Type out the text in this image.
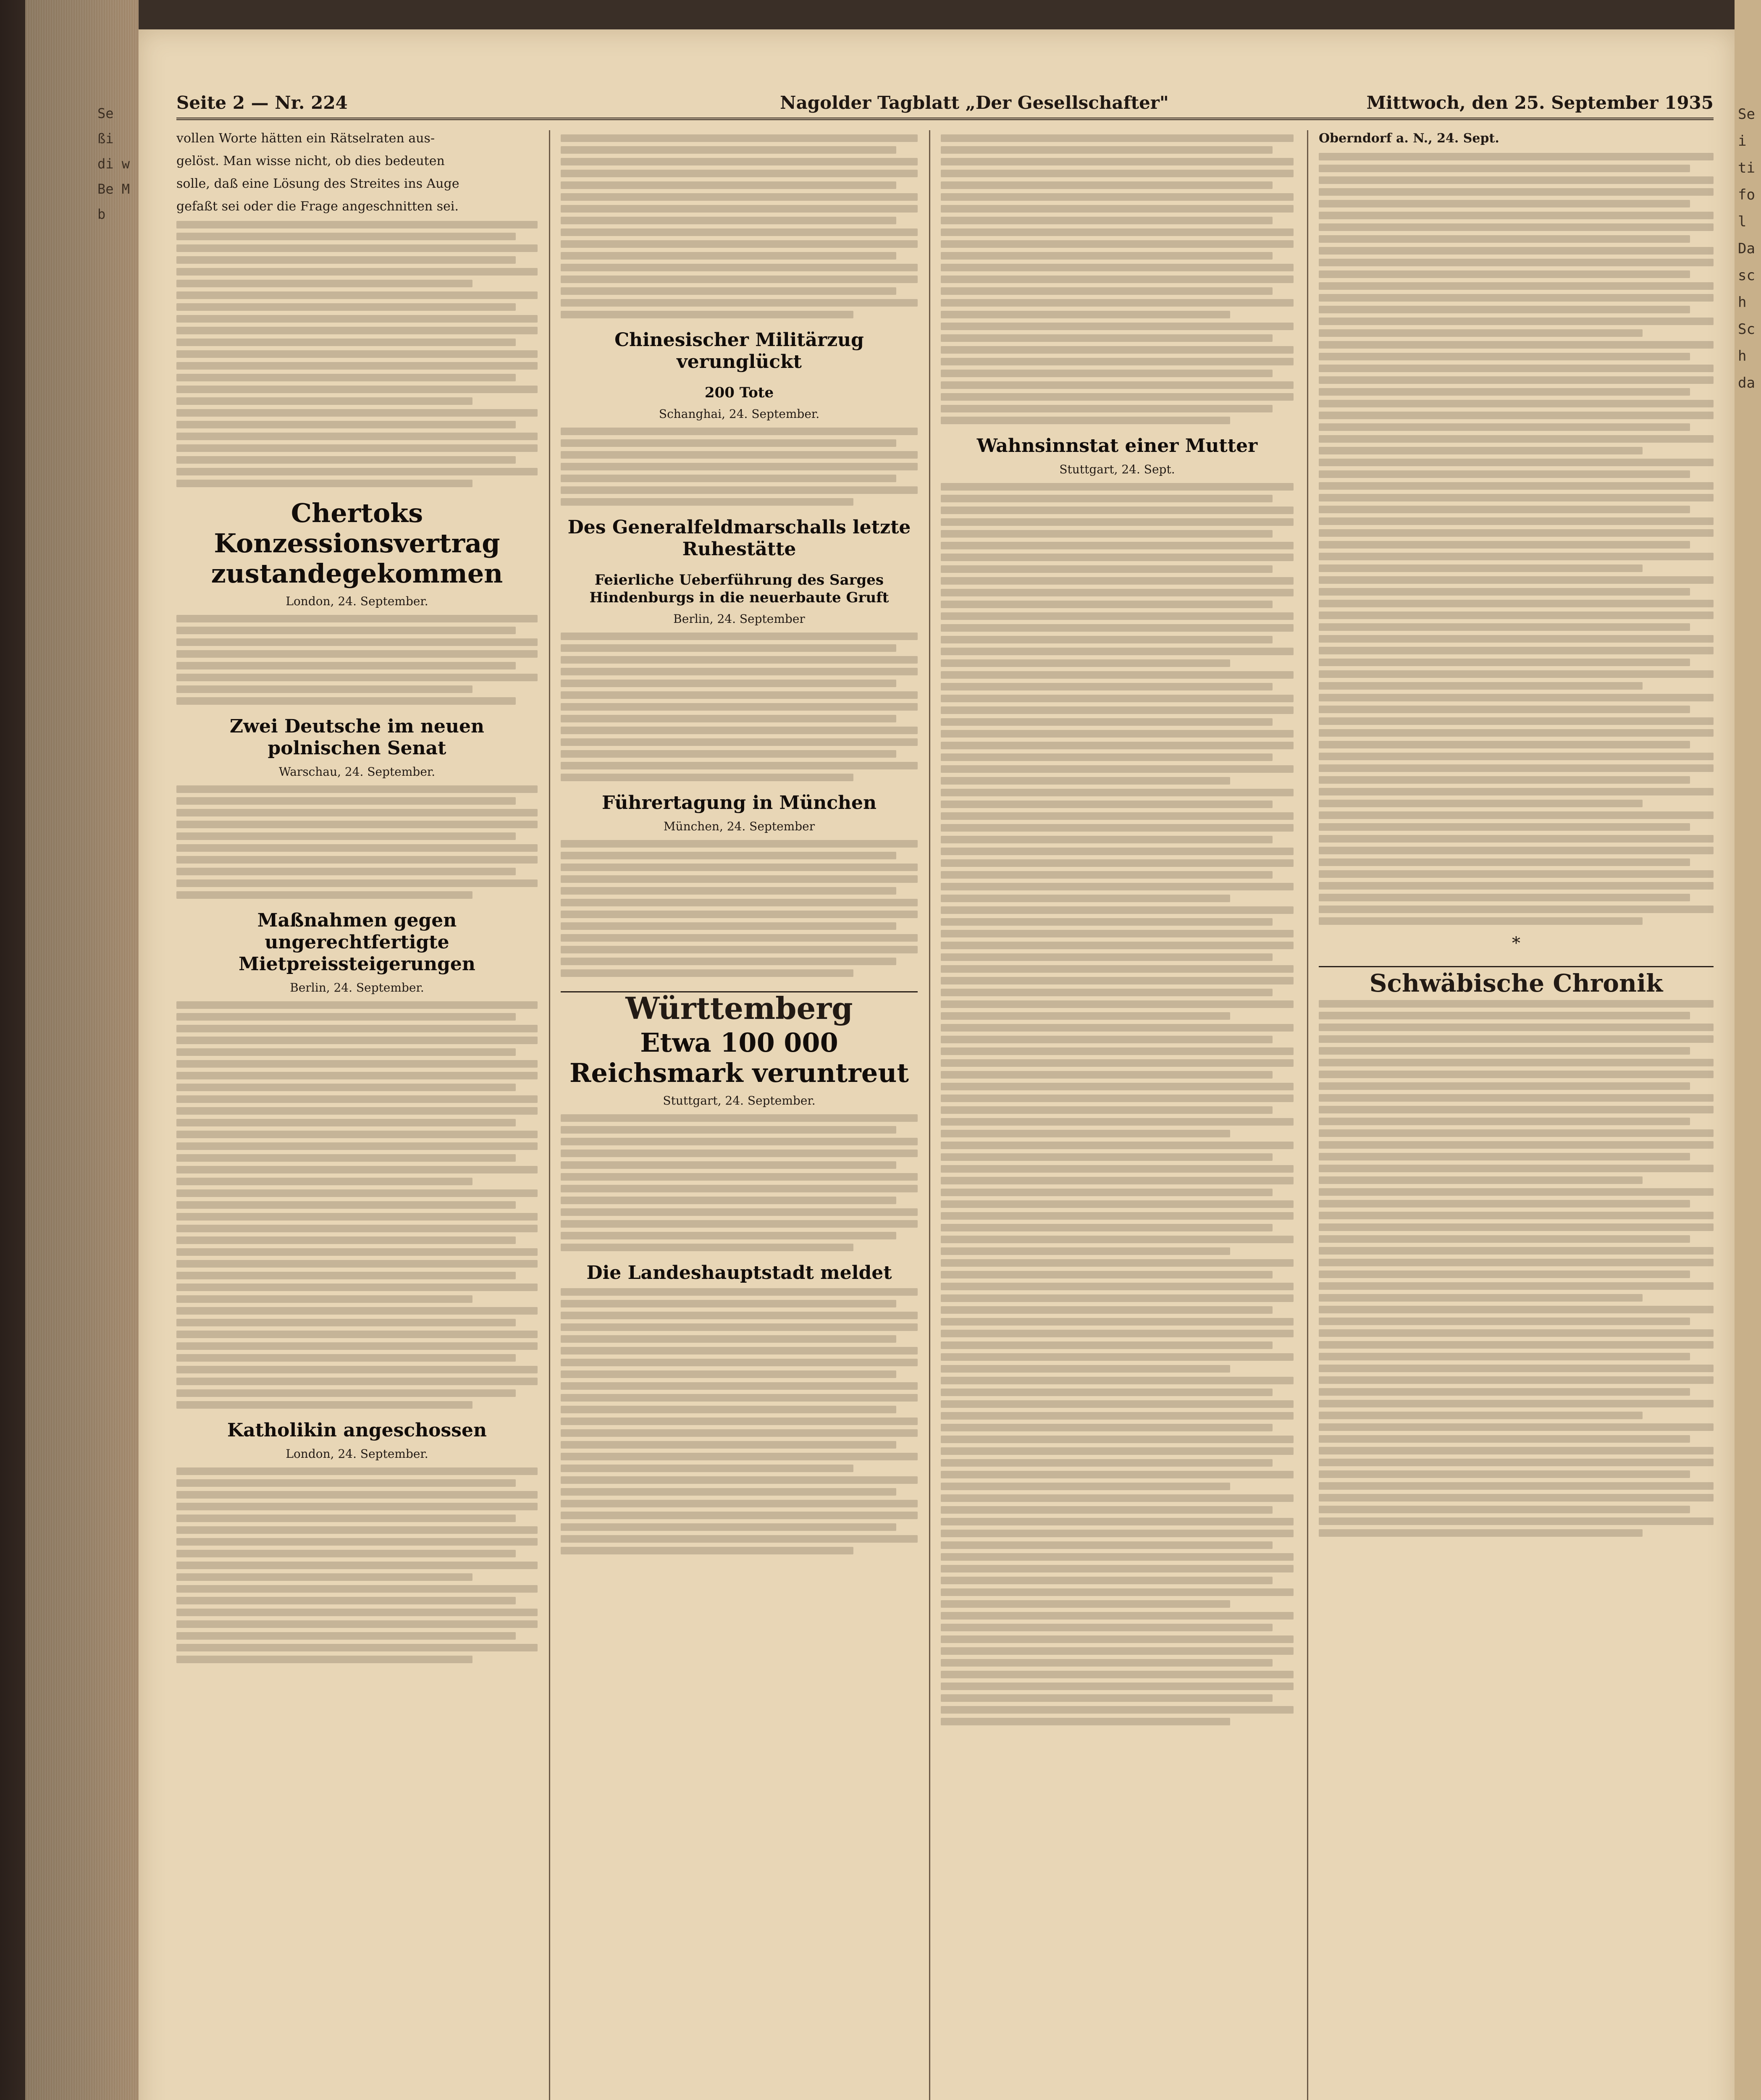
Se ßi di w Be M b
Sei ti fol Da sch Sch da
Seite 2 — Nr. 224	Nagolder Tagblatt „Der Gesellschafter"	Mittwoch, den 25. September 1935

vollen Worte hätten ein Rätselraten aus-

gelöst. Man wisse nicht, ob dies bedeuten

solle, daß eine Lösung des Streites ins Auge

gefaßt sei oder die Frage angeschnitten sei.

Chertoks Konzessionsvertrag zustandegekommen
London, 24. September.
Zwei Deutsche im neuen polnischen Senat
Warschau, 24. September.
Maßnahmen gegen ungerechtfertigte Mietpreissteigerungen
Berlin, 24. September.
Katholikin angeschossen
London, 24. September.
Chinesischer Militärzug verunglückt
200 Tote
Schanghai, 24. September.
Des Generalfeldmarschalls letzte Ruhestätte
Feierliche Ueberführung des Sarges Hindenburgs in die neuerbaute Gruft
Berlin, 24. September
Führertagung in München
München, 24. September
Württemberg
Etwa 100 000 Reichsmark veruntreut
Stuttgart, 24. September.
Die Landeshauptstadt meldet
Wahnsinnstat einer Mutter
Stuttgart, 24. Sept.

Oberndorf a. N., 24. Sept.

*
Schwäbische Chronik
